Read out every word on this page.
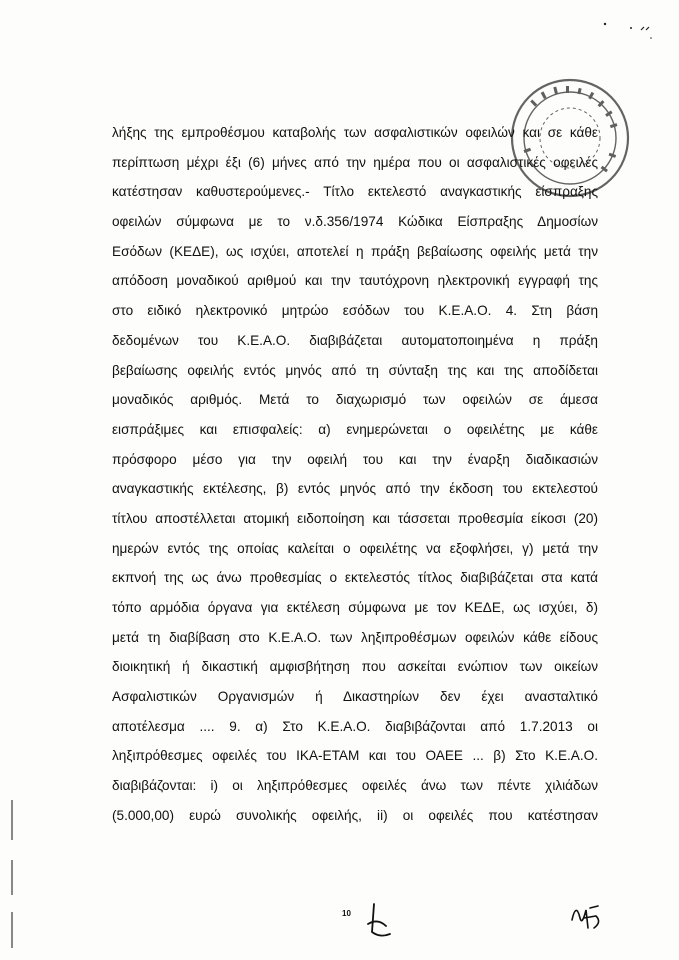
λήξης της εμπροθέσμου καταβολής των ασφαλιστικών οφειλών και σε κάθε
περίπτωση μέχρι έξι (6) μήνες από την ημέρα που οι ασφαλιστικές οφειλές
κατέστησαν καθυστερούμενες.- Τίτλο εκτελεστό αναγκαστικής είσπραξης
οφειλών σύμφωνα με το ν.δ.356/1974 Κώδικα Είσπραξης Δημοσίων
Εσόδων (ΚΕΔΕ), ως ισχύει, αποτελεί η πράξη βεβαίωσης οφειλής μετά την
απόδοση μοναδικού αριθμού και την ταυτόχρονη ηλεκτρονική εγγραφή της
στο ειδικό ηλεκτρονικό μητρώο εσόδων του Κ.Ε.Α.Ο. 4. Στη βάση
δεδομένων του Κ.Ε.Α.Ο. διαβιβάζεται αυτοματοποιημένα η πράξη
βεβαίωσης οφειλής εντός μηνός από τη σύνταξη της και της αποδίδεται
μοναδικός αριθμός. Μετά το διαχωρισμό των οφειλών σε άμεσα
εισπράξιμες και επισφαλείς: α) ενημερώνεται ο οφειλέτης με κάθε
πρόσφορο μέσο για την οφειλή του και την έναρξη διαδικασιών
αναγκαστικής εκτέλεσης, β) εντός μηνός από την έκδοση του εκτελεστού
τίτλου αποστέλλεται ατομική ειδοποίηση και τάσσεται προθεσμία είκοσι (20)
ημερών εντός της οποίας καλείται ο οφειλέτης να εξοφλήσει, γ) μετά την
εκπνοή της ως άνω προθεσμίας ο εκτελεστός τίτλος διαβιβάζεται στα κατά
τόπο αρμόδια όργανα για εκτέλεση σύμφωνα με τον ΚΕΔΕ, ως ισχύει, δ)
μετά τη διαβίβαση στο Κ.Ε.Α.Ο. των ληξιπροθέσμων οφειλών κάθε είδους
διοικητική ή δικαστική αμφισβήτηση που ασκείται ενώπιον των οικείων
Ασφαλιστικών Οργανισμών ή Δικαστηρίων δεν έχει ανασταλτικό
αποτέλεσμα .... 9. α) Στο Κ.Ε.Α.Ο. διαβιβάζονται από 1.7.2013 οι
ληξιπρόθεσμες οφειλές του ΙΚΑ-ΕΤΑΜ και του ΟΑΕΕ ... β) Στο Κ.Ε.Α.Ο.
διαβιβάζονται: i) οι ληξιπρόθεσμες οφειλές άνω των πέντε χιλιάδων
(5.000,00) ευρώ συνολικής οφειλής, ii) οι οφειλές που κατέστησαν
10
